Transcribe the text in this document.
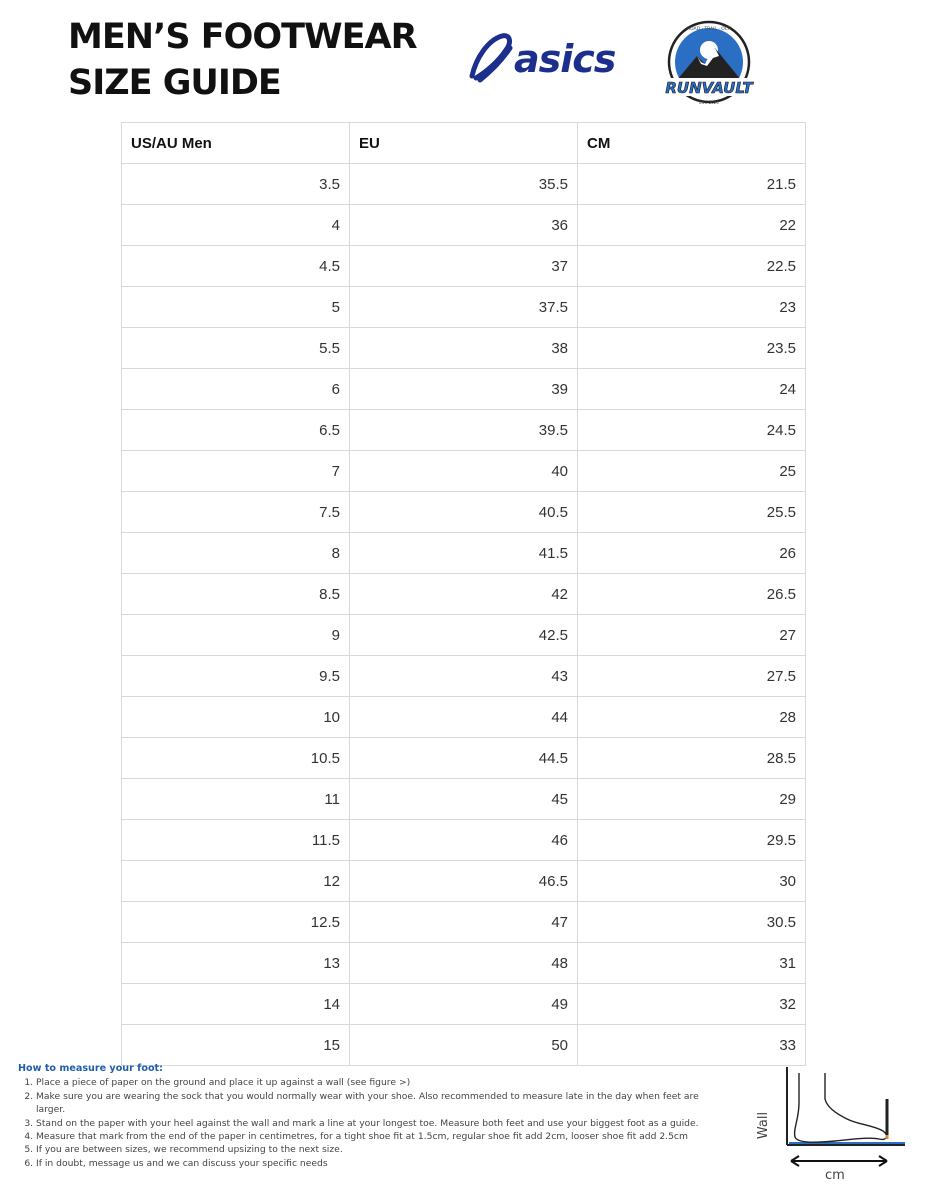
MEN’S FOOTWEAR
SIZE GUIDE
asics
RUNVAULT
EST. 2020
ROAD · TRAIL · OCR
US/AU Men	EU	CM
3.5	35.5	21.5
4	36	22
4.5	37	22.5
5	37.5	23
5.5	38	23.5
6	39	24
6.5	39.5	24.5
7	40	25
7.5	40.5	25.5
8	41.5	26
8.5	42	26.5
9	42.5	27
9.5	43	27.5
10	44	28
10.5	44.5	28.5
11	45	29
11.5	46	29.5
12	46.5	30
12.5	47	30.5
13	48	31
14	49	32
15	50	33
How to measure your foot:
1. Place a piece of paper on the ground and place it up against a wall (see figure >)
2. Make sure you are wearing the sock that you would normally wear with your shoe. Also recommended to measure late in the day when feet are larger.
3. Stand on the paper with your heel against the wall and mark a line at your longest toe. Measure both feet and use your biggest foot as a guide.
4. Measure that mark from the end of the paper in centimetres, for a tight shoe fit at 1.5cm, regular shoe fit add 2cm, looser shoe fit add 2.5cm
5. If you are between sizes, we recommend upsizing to the next size.
6. If in doubt, message us and we can discuss your specific needs
Wall
cm
